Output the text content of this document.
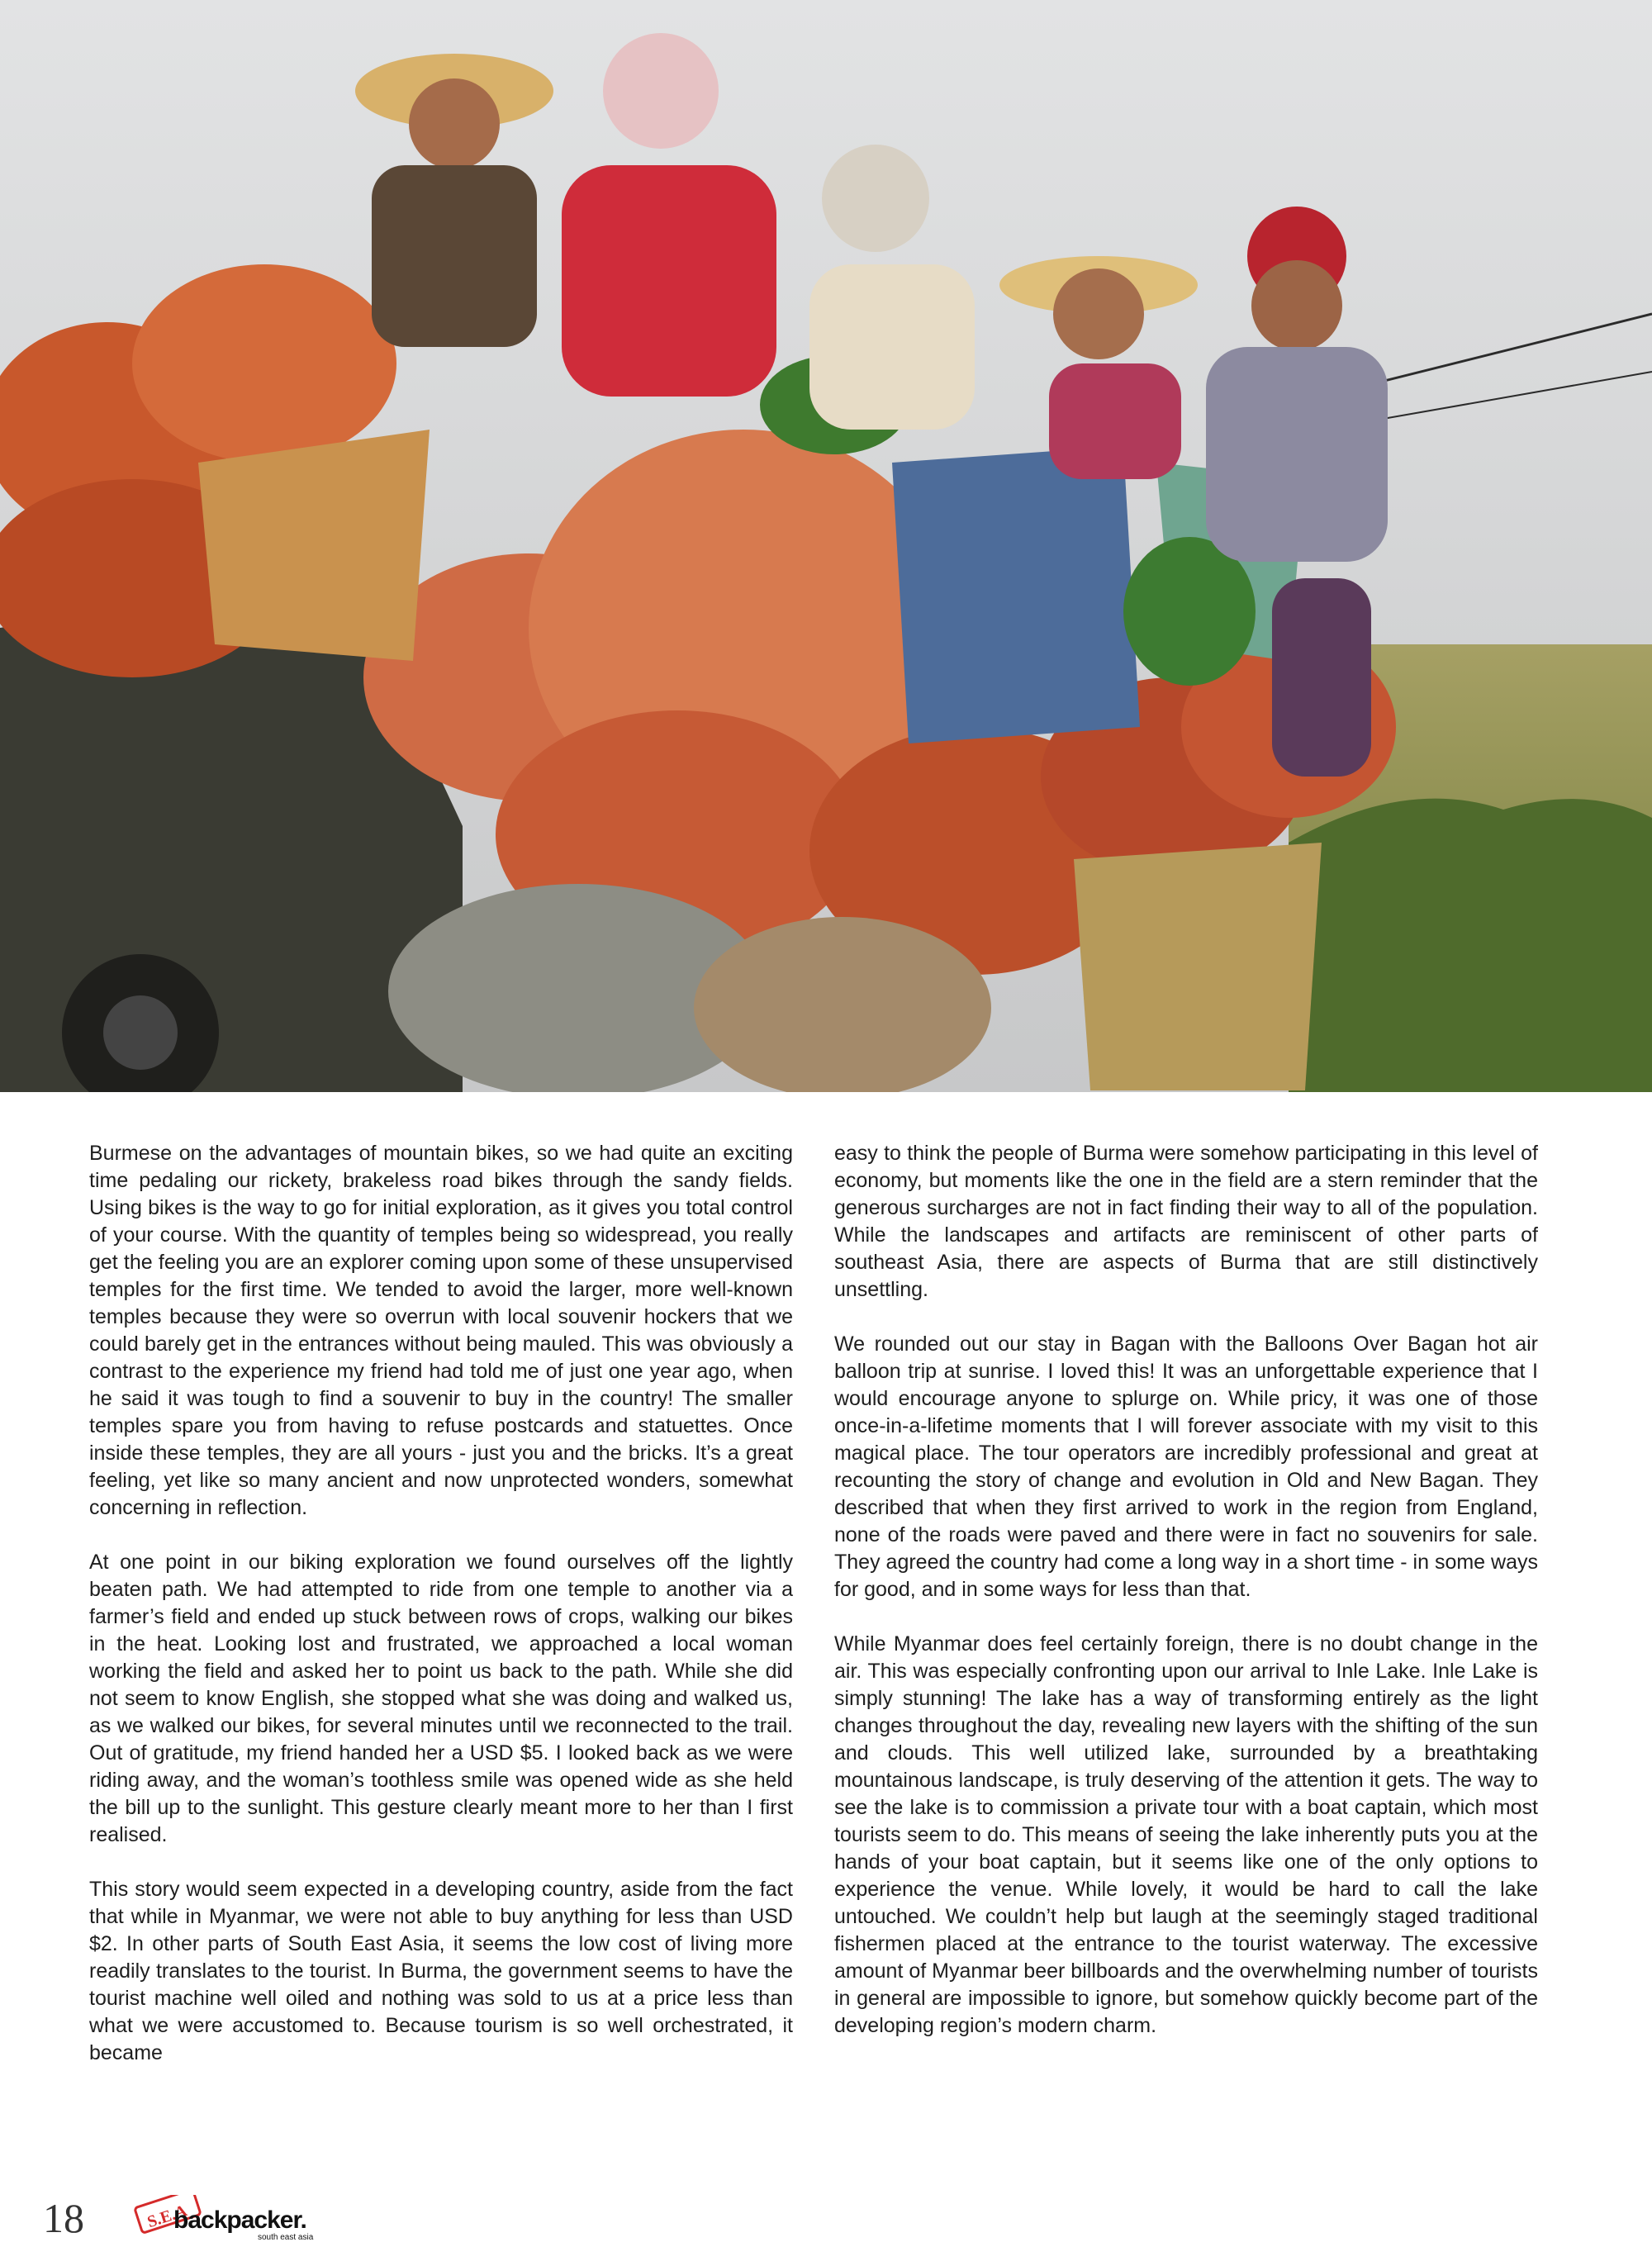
Burmese on the advantages of mountain bikes, so we had quite an exciting time pedaling our rickety, brakeless road bikes through the sandy fields. Using bikes is the way to go for initial exploration, as it gives you total control of your course. With the quantity of temples being so widespread, you really get the feeling you are an explorer coming upon some of these unsupervised temples for the first time. We tended to avoid the larger, more well-known temples because they were so overrun with local souvenir hockers that we could barely get in the entrances without being mauled. This was obviously a contrast to the experience my friend had told me of just one year ago, when he said it was tough to find a souvenir to buy in the country! The smaller temples spare you from having to refuse postcards and statuettes. Once inside these temples, they are all yours - just you and the bricks. It’s a great feeling, yet like so many ancient and now unprotected wonders, somewhat concerning in reflection.

At one point in our biking exploration we found ourselves off the lightly beaten path. We had attempted to ride from one temple to another via a farmer’s field and ended up stuck between rows of crops, walking our bikes in the heat. Looking lost and frustrated, we approached a local woman working the field and asked her to point us back to the path. While she did not seem to know English, she stopped what she was doing and walked us, as we walked our bikes, for several minutes until we reconnected to the trail. Out of gratitude, my friend handed her a USD $5. I looked back as we were riding away, and the woman’s toothless smile was opened wide as she held the bill up to the sunlight. This gesture clearly meant more to her than I first realised.

This story would seem expected in a developing country, aside from the fact that while in Myanmar, we were not able to buy anything for less than USD $2. In other parts of South East Asia, it seems the low cost of living more readily translates to the tourist. In Burma, the government seems to have the tourist machine well oiled and nothing was sold to us at a price less than what we were accustomed to. Because tourism is so well orchestrated, it became

easy to think the people of Burma were somehow participating in this level of economy, but moments like the one in the field are a stern reminder that the generous surcharges are not in fact finding their way to all of the population. While the landscapes and artifacts are reminiscent of other parts of southeast Asia, there are aspects of Burma that are still distinctively unsettling.

We rounded out our stay in Bagan with the Balloons Over Bagan hot air balloon trip at sunrise. I loved this! It was an unforgettable experience that I would encourage anyone to splurge on. While pricy, it was one of those once-in-a-lifetime moments that I will forever associate with my visit to this magical place. The tour operators are incredibly professional and great at recounting the story of change and evolution in Old and New Bagan. They described that when they first arrived to work in the region from England, none of the roads were paved and there were in fact no souvenirs for sale. They agreed the country had come a long way in a short time - in some ways for good, and in some ways for less than that.

While Myanmar does feel certainly foreign, there is no doubt change in the air. This was especially confronting upon our arrival to Inle Lake. Inle Lake is simply stunning! The lake has a way of transforming entirely as the light changes throughout the day, revealing new layers with the shifting of the sun and clouds. This well utilized lake, surrounded by a breathtaking mountainous landscape, is truly deserving of the attention it gets. The way to see the lake is to commission a private tour with a boat captain, which most tourists seem to do. This means of seeing the lake inherently puts you at the hands of your boat captain, but it seems like one of the only options to experience the venue. While lovely, it would be hard to call the lake untouched. We couldn’t help but laugh at the seemingly staged traditional fishermen placed at the entrance to the tourist waterway. The excessive amount of Myanmar beer billboards and the overwhelming number of tourists in general are impossible to ignore, but somehow quickly become part of the developing region’s modern charm.

18	S.E.A
backpacker.
south east asia
